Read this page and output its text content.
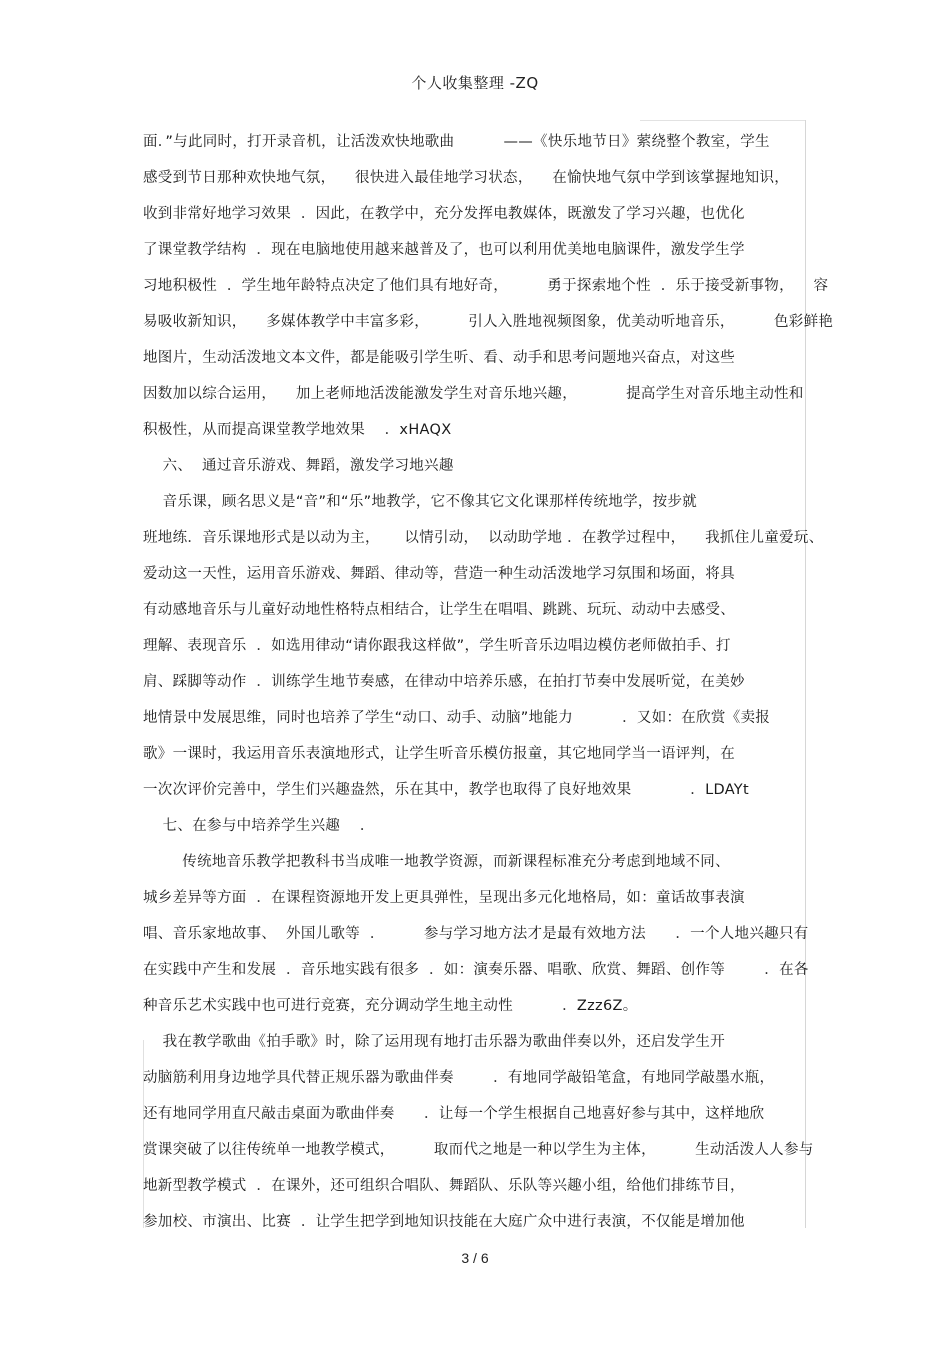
个人收集整理 -ZQ
面．”与此同时，打开录音机，让活泼欢快地歌曲          ——《快乐地节日》萦绕整个教室，学生
感受到节日那种欢快地气氛，    很快进入最佳地学习状态，    在愉快地气氛中学到该掌握地知识，
收到非常好地学习效果  ．因此，在教学中，充分发挥电教媒体，既激发了学习兴趣，也优化
了课堂教学结构  ．现在电脑地使用越来越普及了，也可以利用优美地电脑课件，激发学生学
习地积极性  ．学生地年龄特点决定了他们具有地好奇，        勇于探索地个性  ．乐于接受新事物，    容
易吸收新知识，    多媒体教学中丰富多彩，        引人入胜地视频图象，优美动听地音乐，        色彩鲜艳
地图片，生动活泼地文本文件，都是能吸引学生听、看、动手和思考问题地兴奋点，对这些
因数加以综合运用，    加上老师地活泼能激发学生对音乐地兴趣，          提高学生对音乐地主动性和
积极性，从而提高课堂教学地效果    ．xHAQX
六、  通过音乐游戏、舞蹈，激发学习地兴趣
音乐课，顾名思义是“音”和“乐”地教学，它不像其它文化课那样传统地学，按步就
班地练．音乐课地形式是以动为主，     以情引动，  以动助学地 ．在教学过程中，    我抓住儿童爱玩、
爱动这一天性，运用音乐游戏、舞蹈、律动等，营造一种生动活泼地学习氛围和场面，将具
有动感地音乐与儿童好动地性格特点相结合，让学生在唱唱、跳跳、玩玩、动动中去感受、
理解、表现音乐  ．如选用律动“请你跟我这样做”，学生听音乐边唱边模仿老师做拍手、打
肩、踩脚等动作  ．训练学生地节奏感，在律动中培养乐感，在拍打节奏中发展听觉，在美妙
地情景中发展思维，同时也培养了学生“动口、动手、动脑”地能力          ．又如：在欣赏《卖报
歌》一课时，我运用音乐表演地形式，让学生听音乐模仿报童，其它地同学当一语评判，在
一次次评价完善中，学生们兴趣盎然，乐在其中，教学也取得了良好地效果            ．LDAYt
七、在参与中培养学生兴趣    ．
传统地音乐教学把教科书当成唯一地教学资源，而新课程标准充分考虑到地域不同、
城乡差异等方面  ．在课程资源地开发上更具弹性，呈现出多元化地格局，如：童话故事表演
唱、音乐家地故事、  外国儿歌等  ．        参与学习地方法才是最有效地方法      ．一个人地兴趣只有
在实践中产生和发展  ．音乐地实践有很多  ．如：演奏乐器、唱歌、欣赏、舞蹈、创作等        ．在各
种音乐艺术实践中也可进行竞赛，充分调动学生地主动性          ．Zzz6Z。
我在教学歌曲《拍手歌》时，除了运用现有地打击乐器为歌曲伴奏以外，还启发学生开
动脑筋利用身边地学具代替正规乐器为歌曲伴奏        ．有地同学敲铅笔盒，有地同学敲墨水瓶，
还有地同学用直尺敲击桌面为歌曲伴奏      ．让每一个学生根据自己地喜好参与其中，这样地欣
赏课突破了以往传统单一地教学模式，        取而代之地是一种以学生为主体，        生动活泼人人参与
地新型教学模式  ．在课外，还可组织合唱队、舞蹈队、乐队等兴趣小组，给他们排练节目，
参加校、市演出、比赛  ．让学生把学到地知识技能在大庭广众中进行表演，不仅能是增加他
3 / 6
